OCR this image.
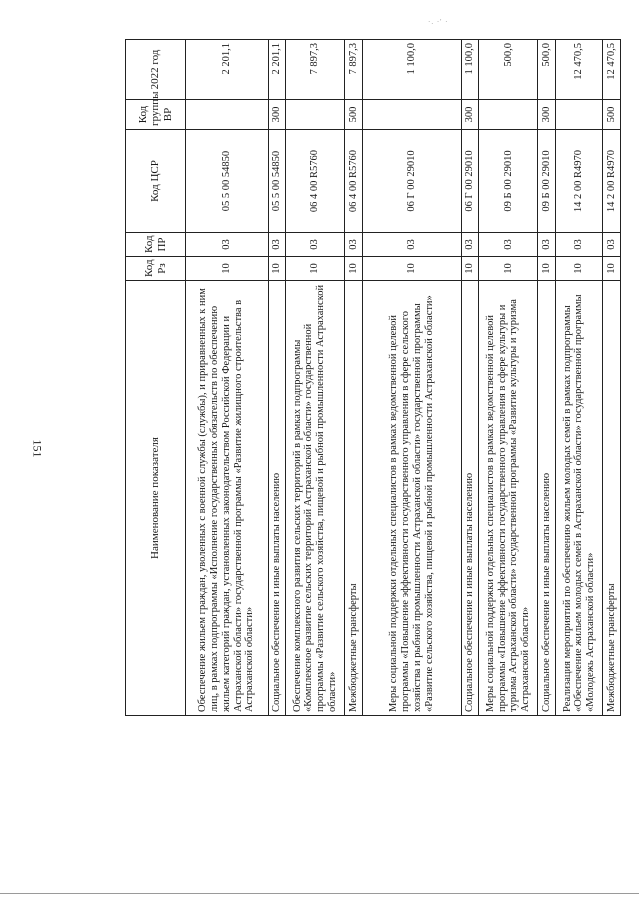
·. ·' ·
151	Наименование показателя	Код Рз	Код ПР	Код ЦСР	Код группы ВР	2022 год
Обеспечение жильем граждан, уволенных с военной службы (службы), и приравненных к ним лиц, в рамках подпрограммы «Исполнение государственных обязательств по обеспечению жильем категорий граждан, установленных законодательством Российской Федерации и Астраханской области» государственной программы «Развитие жилищного строительства в Астраханской области»	10	03	05 5 00 54850		2 201,1
Социальное обеспечение и иные выплаты населению	10	03	05 5 00 54850	300	2 201,1
Обеспечение комплексного развития сельских территорий в рамках подпрограммы «Комплексное развитие сельских территорий Астраханской области» государственной программы «Развитие сельского хозяйства, пищевой и рыбной промышленности Астраханской области»	10	03	06 4 00 R5760		7 897,3
Межбюджетные трансферты	10	03	06 4 00 R5760	500	7 897,3
Меры социальной поддержки отдельных специалистов в рамках ведомственной целевой программы «Повышение эффективности государственного управления в сфере сельского хозяйства и рыбной промышленности Астраханской области» государственной программы «Развитие сельского хозяйства, пищевой и рыбной промышленности Астраханской области»	10	03	06 Г 00 29010		1 100,0
Социальное обеспечение и иные выплаты населению	10	03	06 Г 00 29010	300	1 100,0
Меры социальной поддержки отдельных специалистов в рамках ведомственной целевой программы «Повышение эффективности государственного управления в сфере культуры и туризма Астраханской области» государственной программы «Развитие культуры и туризма Астраханской области»	10	03	09 Б 00 29010		500,0
Социальное обеспечение и иные выплаты населению	10	03	09 Б 00 29010	300	500,0
Реализация мероприятий по обеспечению жильем молодых семей в рамках подпрограммы «Обеспечение жильем молодых семей в Астраханской области» государственной программы «Молодежь Астраханской области»	10	03	14 2 00 R4970		12 470,5
Межбюджетные трансферты	10	03	14 2 00 R4970	500	12 470,5
